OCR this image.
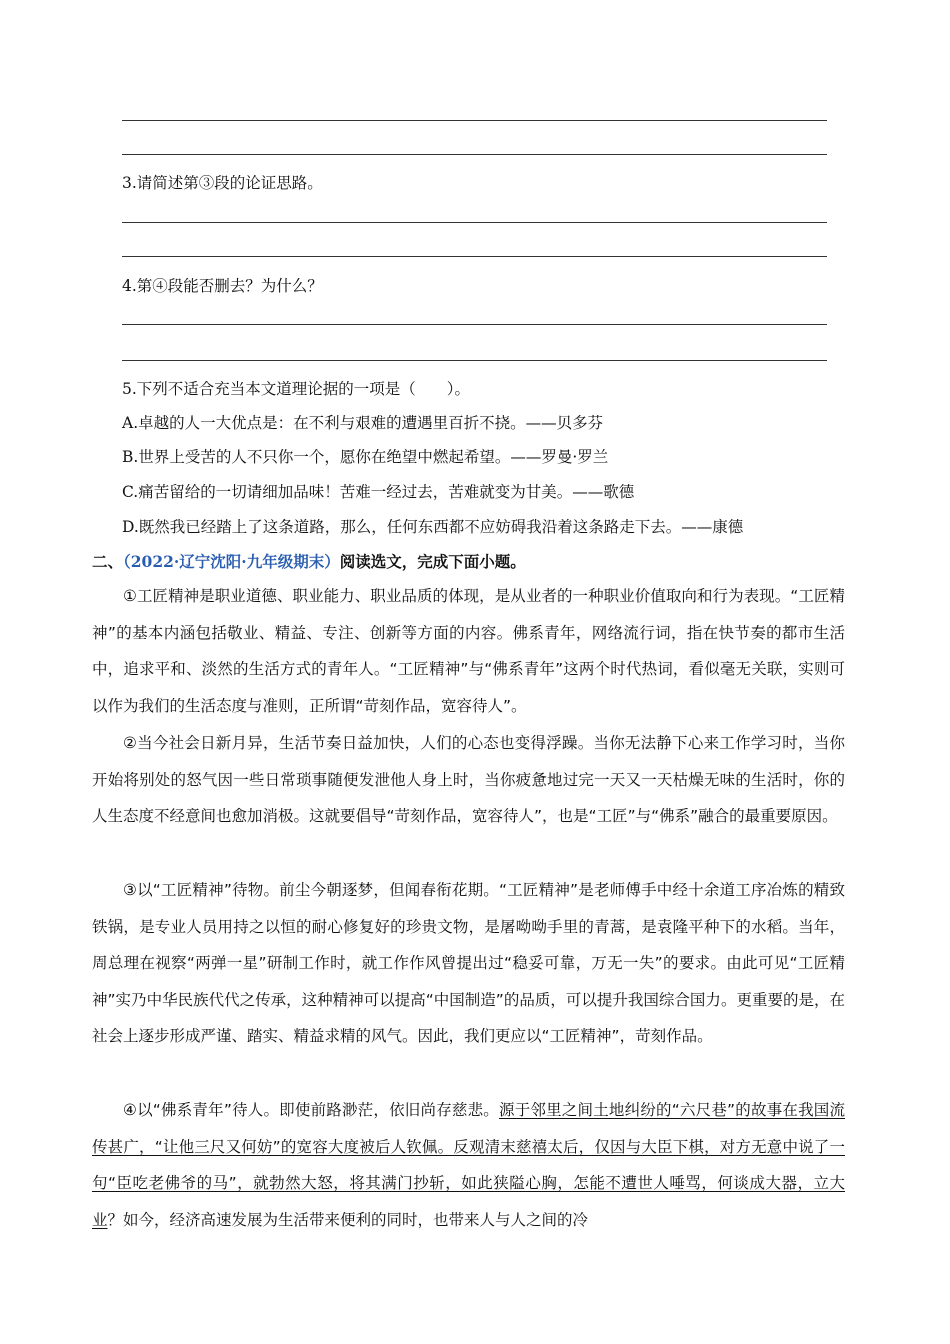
3.请简述第③段的论证思路。
4.第④段能否删去？为什么？
5.下列不适合充当本文道理论据的一项是（　　）。
A.卓越的人一大优点是：在不利与艰难的遭遇里百折不挠。——贝多芬
B.世界上受苦的人不只你一个，愿你在绝望中燃起希望。——罗曼·罗兰
C.痛苦留给的一切请细加品味！苦难一经过去，苦难就变为甘美。——歌德
D.既然我已经踏上了这条道路，那么，任何东西都不应妨碍我沿着这条路走下去。——康德
二、（2022·辽宁沈阳·九年级期末）阅读选文，完成下面小题。
①工匠精神是职业道德、职业能力、职业品质的体现，是从业者的一种职业价值取向和行为表现。“工匠精神”的基本内涵包括敬业、精益、专注、创新等方面的内容。佛系青年，网络流行词，指在快节奏的都市生活中，追求平和、淡然的生活方式的青年人。“工匠精神”与“佛系青年”这两个时代热词，看似毫无关联，实则可以作为我们的生活态度与准则，正所谓“苛刻作品，宽容待人”。
②当今社会日新月异，生活节奏日益加快，人们的心态也变得浮躁。当你无法静下心来工作学习时，当你开始将别处的怒气因一些日常琐事随便发泄他人身上时，当你疲惫地过完一天又一天枯燥无味的生活时，你的人生态度不经意间也愈加消极。这就要倡导“苛刻作品，宽容待人”，也是“工匠”与“佛系”融合的最重要原因。
③以“工匠精神”待物。前尘今朝逐梦，但闻春衔花期。“工匠精神”是老师傅手中经十余道工序冶炼的精致铁锅，是专业人员用持之以恒的耐心修复好的珍贵文物，是屠呦呦手里的青蒿，是袁隆平种下的水稻。当年，周总理在视察“两弹一星”研制工作时，就工作作风曾提出过“稳妥可靠，万无一失”的要求。由此可见“工匠精神”实乃中华民族代代之传承，这种精神可以提高“中国制造”的品质，可以提升我国综合国力。更重要的是，在社会上逐步形成严谨、踏实、精益求精的风气。因此，我们更应以“工匠精神”，苛刻作品。
④以“佛系青年”待人。即使前路渺茫，依旧尚存慈悲。源于邻里之间土地纠纷的“六尺巷”的故事在我国流传甚广，“让他三尺又何妨”的宽容大度被后人钦佩。反观清末慈禧太后，仅因与大臣下棋，对方无意中说了一句“臣吃老佛爷的马”，就勃然大怒，将其满门抄斩，如此狭隘心胸，怎能不遭世人唾骂，何谈成大器，立大业？如今，经济高速发展为生活带来便利的同时，也带来人与人之间的冷
